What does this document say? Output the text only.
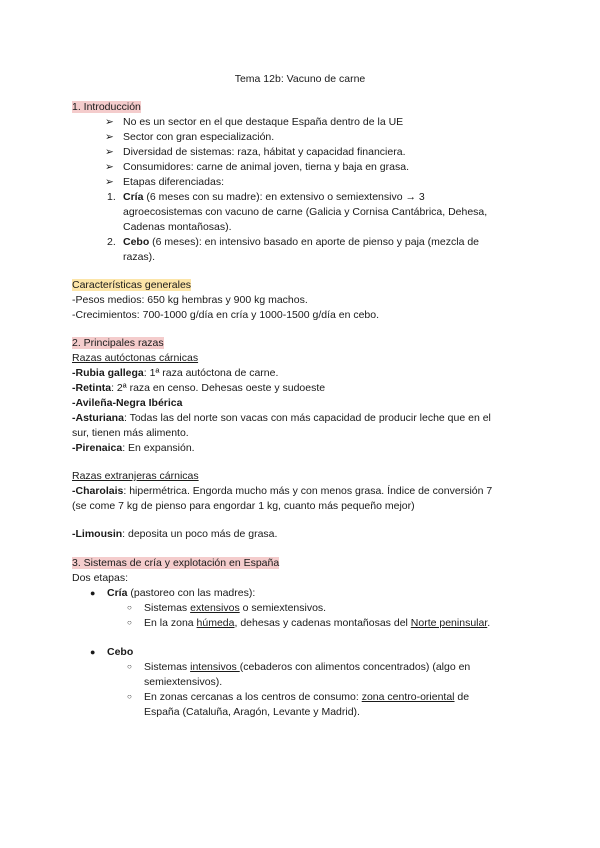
Tema 12b: Vacuno de carne
1. Introducción
➢ No es un sector en el que destaque España dentro de la UE
➢ Sector con gran especialización.
➢ Diversidad de sistemas: raza, hábitat y capacidad financiera.
➢ Consumidores: carne de animal joven, tierna y baja en grasa.
➢ Etapas diferenciadas:
1. Cría (6 meses con su madre): en extensivo o semiextensivo → 3
agroecosistemas con vacuno de carne (Galicia y Cornisa Cantábrica, Dehesa,
Cadenas montañosas).
2. Cebo (6 meses): en intensivo basado en aporte de pienso y paja (mezcla de
razas).
Características generales
-Pesos medios: 650 kg hembras y 900 kg machos.
-Crecimientos: 700-1000 g/día en cría y 1000-1500 g/día en cebo.
2. Principales razas
Razas autóctonas cárnicas
-Rubia gallega: 1ª raza autóctona de carne.
-Retinta: 2ª raza en censo. Dehesas oeste y sudoeste
-Avileña-Negra Ibérica
-Asturiana: Todas las del norte son vacas con más capacidad de producir leche que en el
sur, tienen más alimento.
-Pirenaica: En expansión.
Razas extranjeras cárnicas
-Charolais: hipermétrica. Engorda mucho más y con menos grasa. Índice de conversión 7
(se come 7 kg de pienso para engordar 1 kg, cuanto más pequeño mejor)
-Limousin: deposita un poco más de grasa.
3. Sistemas de cría y explotación en España
Dos etapas:
● Cría (pastoreo con las madres):
○ Sistemas extensivos o semiextensivos.
○ En la zona húmeda, dehesas y cadenas montañosas del Norte peninsular.
● Cebo
○ Sistemas intensivos (cebaderos con alimentos concentrados) (algo en
semiextensivos).
○ En zonas cercanas a los centros de consumo: zona centro-oriental de
España (Cataluña, Aragón, Levante y Madrid).
